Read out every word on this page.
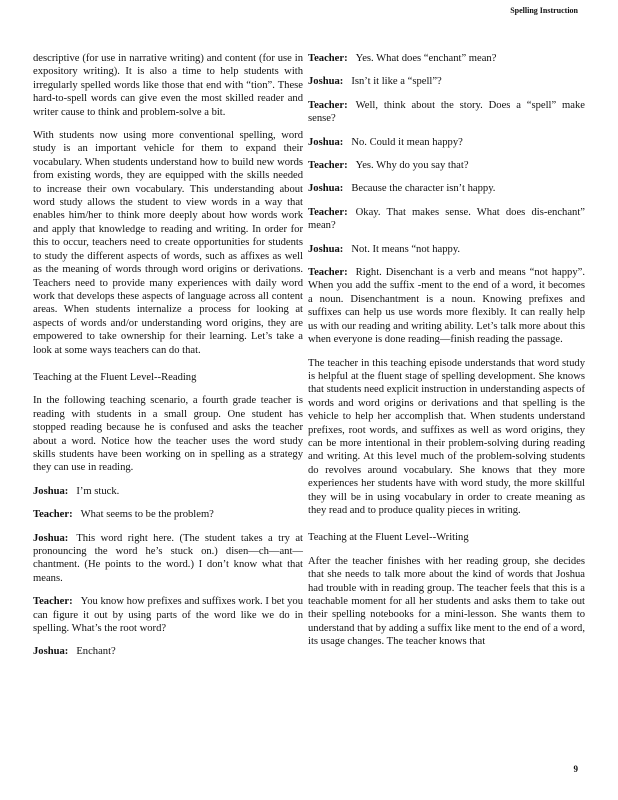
Spelling Instruction

descriptive (for use in narrative writing) and content (for use in expository writing). It is also a time to help students with irregularly spelled words like those that end with “tion”. These hard-to-spell words can give even the most skilled reader and writer cause to think and problem-solve a bit.

With students now using more conventional spelling, word study is an important vehicle for them to expand their vocabulary. When students understand how to build new words from existing words, they are equipped with the skills needed to increase their own vocabulary. This understanding about word study allows the student to view words in a way that enables him/her to think more deeply about how words work and apply that knowledge to reading and writing. In order for this to occur, teachers need to create opportunities for students to study the different aspects of words, such as affixes as well as the meaning of words through word origins or derivations. Teachers need to provide many experiences with daily word work that develops these aspects of language across all content areas. When students internalize a process for looking at aspects of words and/or understanding word origins, they are empowered to take ownership for their learning. Let’s take a look at some ways teachers can do that.

Teaching at the Fluent Level--Reading

In the following teaching scenario, a fourth grade teacher is reading with students in a small group. One student has stopped reading because he is confused and asks the teacher about a word. Notice how the teacher uses the word study skills students have been working on in spelling as a strategy they can use in reading.

Joshua: I’m stuck.

Teacher: What seems to be the problem?

Joshua: This word right here. (The student takes a try at pronouncing the word he’s stuck on.) disen—ch—ant—chantment. (He points to the word.) I don’t know what that means.

Teacher: You know how prefixes and suffixes work. I bet you can figure it out by using parts of the word like we do in spelling. What’s the root word?

Joshua: Enchant?

Teacher: Yes. What does “enchant” mean?

Joshua: Isn’t it like a “spell”?

Teacher: Well, think about the story. Does a “spell” make sense?

Joshua: No. Could it mean happy?

Teacher: Yes. Why do you say that?

Joshua: Because the character isn’t happy.

Teacher: Okay. That makes sense. What does dis-enchant” mean?

Joshua: Not. It means “not happy.

Teacher: Right. Disenchant is a verb and means “not happy”. When you add the suffix -ment to the end of a word, it becomes a noun. Disenchantment is a noun. Knowing prefixes and suffixes can help us use words more flexibly. It can really help us with our reading and writing ability. Let’s talk more about this when everyone is done reading—finish reading the passage.

The teacher in this teaching episode understands that word study is helpful at the fluent stage of spelling development. She knows that students need explicit instruction in understanding aspects of words and word origins or derivations and that spelling is the vehicle to help her accomplish that. When students understand prefixes, root words, and suffixes as well as word origins, they can be more intentional in their problem-solving during reading and writing. At this level much of the problem-solving students do revolves around vocabulary. She knows that they more experiences her students have with word study, the more skillful they will be in using vocabulary in order to create meaning as they read and to produce quality pieces in writing.

Teaching at the Fluent Level--Writing

After the teacher finishes with her reading group, she decides that she needs to talk more about the kind of words that Joshua had trouble with in reading group. The teacher feels that this is a teachable moment for all her students and asks them to take out their spelling notebooks for a mini-lesson. She wants them to understand that by adding a suffix like ment to the end of a word, its usage changes. The teacher knows that

9
